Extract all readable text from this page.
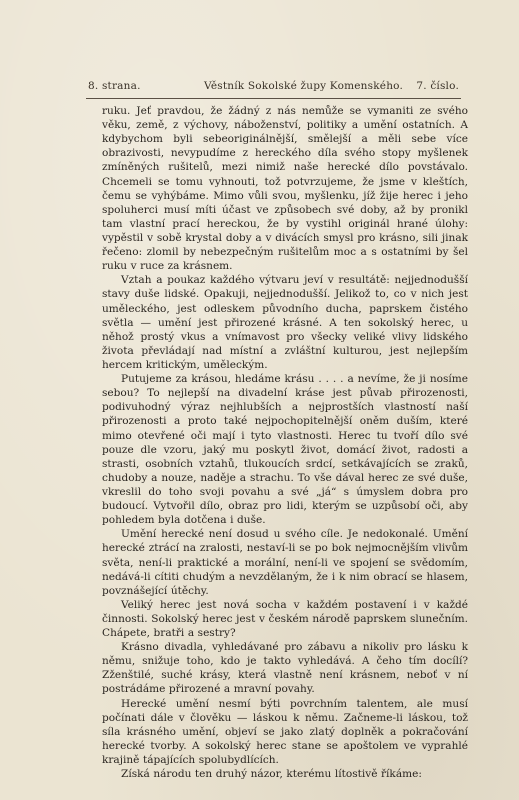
8. strana.	Věstník Sokolské župy Komenského. 7. číslo.

ruku. Jeť pravdou, že žádný z nás nemůže se vymaniti ze svého věku, země, z výchovy, náboženství, politiky a umění ostatních. A kdybychom byli sebeoriginálnější, smělejší a měli sebe více obrazivosti, nevypudíme z hereckého díla svého stopy myšlenek zmíněných rušitelů, mezi nimiž naše herecké dílo povstávalo. Chcemeli se tomu vyhnouti, tož potvrzujeme, že jsme v kleštích, čemu se vyhýbáme. Mimo vůli svou, myšlenku, jíž žije herec i jeho spoluherci musí míti účast ve způsobech své doby, až by pronikl tam vlastní prací hereckou, že by vystihl originál hrané úlohy: vypěstil v sobě krystal doby a v divácích smysl pro krásno, sili jinak řečeno: zlomil by nebezpečným rušitelům moc a s ostatními by šel ruku v ruce za krásnem.

Vztah a poukaz každého výtvaru jeví v resultátě: nejjednodušší stavy duše lidské. Opakuji, nejjednodušší. Jelikož to, co v nich jest uměleckého, jest odleskem původního ducha, paprskem čistého světla — umění jest přirozené krásné. A ten sokolský herec, u něhož prostý vkus a vnímavost pro všecky veliké vlivy lidského života převládají nad místní a zvláštní kulturou, jest nejlepším hercem kritickým, uměleckým.

Putujeme za krásou, hledáme krásu . . . . a nevíme, že ji nosíme sebou? To nejlepší na divadelní kráse jest půvab přirozenosti, podivuhodný výraz nejhlubších a nejprostších vlastností naší přirozenosti a proto také nejpochopitelnější oněm duším, které mimo otevřené oči mají i tyto vlastnosti. Herec tu tvoří dílo své pouze dle vzoru, jaký mu poskytl život, domácí život, radosti a strasti, osobních vztahů, tlukoucích srdcí, setkávajících se zraků, chudoby a nouze, naděje a strachu. To vše dával herec ze své duše, vkreslil do toho svoji povahu a své „já“ s úmyslem dobra pro budoucí. Vytvořil dílo, obraz pro lidi, kterým se uzpůsobí oči, aby pohledem byla dotčena i duše.

Umění herecké není dosud u svého cíle. Je nedokonalé. Umění herecké ztrácí na zralosti, nestaví-li se po bok nejmocnějším vlivům světa, není-li praktické a morální, není-li ve spojení se svědomím, nedává-li cítiti chudým a nevzdělaným, že i k nim obrací se hlasem, povznášející útěchy.

Veliký herec jest nová socha v každém postavení i v každé činnosti. Sokolský herec jest v českém národě paprskem slunečním. Chápete, bratři a sestry?

Krásno divadla, vyhledávané pro zábavu a nikoliv pro lásku k němu, snižuje toho, kdo je takto vyhledává. A čeho tím docílí? Zženštilé, suché krásy, která vlastně není krásnem, neboť v ní postrádáme přirozené a mravní povahy.

Herecké umění nesmí býti povrchním talentem, ale musí počínati dále v člověku — láskou k němu. Začneme-li láskou, tož síla krásného umění, objeví se jako zlatý doplněk a pokračování herecké tvorby. A sokolský herec stane se apoštolem ve vyprahlé krajině tápajících spolubydlících.

Získá národu ten druhý názor, kterému lítostivě říkáme:
